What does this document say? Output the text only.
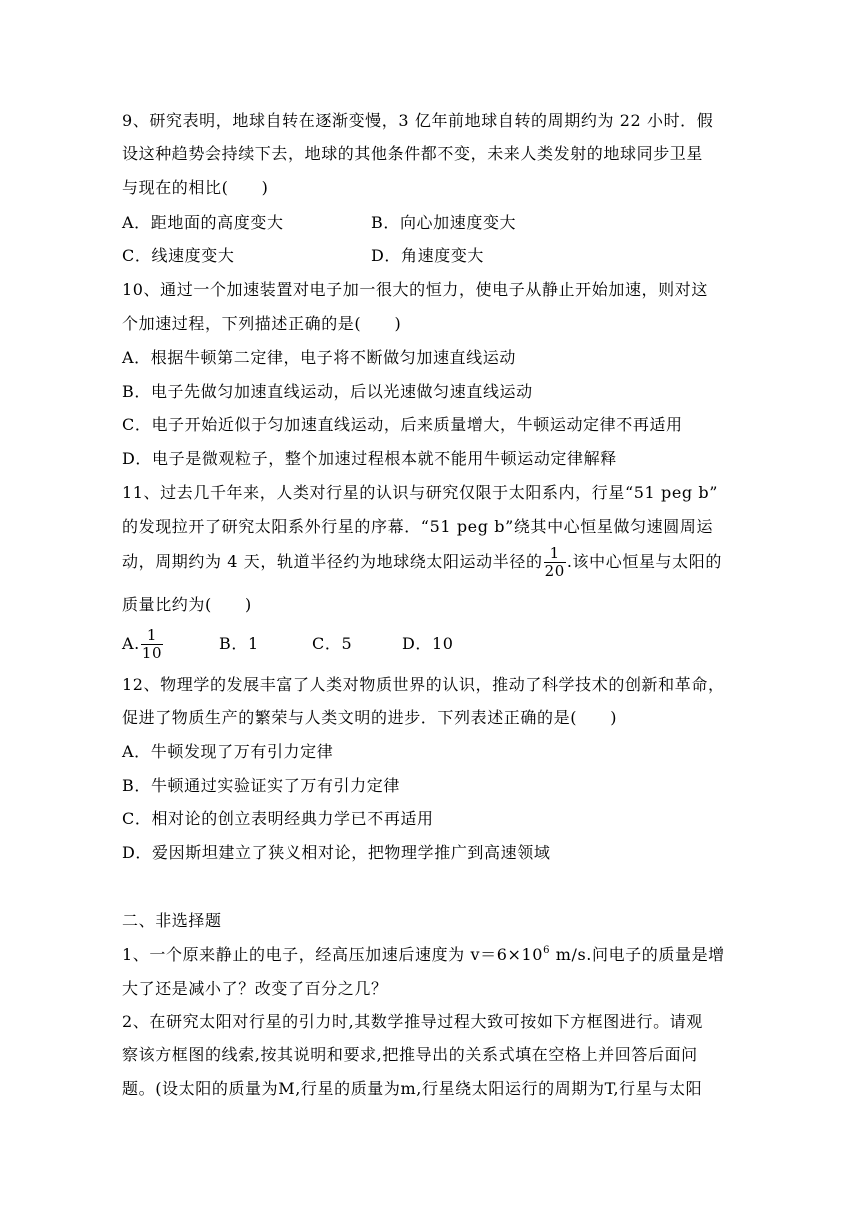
9、研究表明，地球自转在逐渐变慢，3 亿年前地球自转的周期约为 22 小时．假
设这种趋势会持续下去，地球的其他条件都不变，未来人类发射的地球同步卫星
与现在的相比(　　)
A．距地面的高度变大	B．向心加速度变大
C．线速度变大	D．角速度变大
10、通过一个加速装置对电子加一很大的恒力，使电子从静止开始加速，则对这
个加速过程，下列描述正确的是(　　)
A．根据牛顿第二定律，电子将不断做匀加速直线运动
B．电子先做匀加速直线运动，后以光速做匀速直线运动
C．电子开始近似于匀加速直线运动，后来质量增大，牛顿运动定律不再适用
D．电子是微观粒子，整个加速过程根本就不能用牛顿运动定律解释
11、过去几千年来，人类对行星的认识与研究仅限于太阳系内，行星“51 peg b”
的发现拉开了研究太阳系外行星的序幕．“51 peg b”绕其中心恒星做匀速圆周运
动，周期约为 4 天，轨道半径约为地球绕太阳运动半径的 $\frac{1}{20}$ .该中心恒星与太阳的
质量比约为(　　)
A. $\frac{1}{10}$	B．1	C．5	D．10
12、物理学的发展丰富了人类对物质世界的认识，推动了科学技术的创新和革命，
促进了物质生产的繁荣与人类文明的进步．下列表述正确的是(　　)
A．牛顿发现了万有引力定律
B．牛顿通过实验证实了万有引力定律
C．相对论的创立表明经典力学已不再适用
D．爱因斯坦建立了狭义相对论，把物理学推广到高速领域
二、非选择题
1、一个原来静止的电子，经高压加速后速度为 $v=6\times 10^6$ m/s.问电子的质量是增
大了还是减小了？改变了百分之几？
2、在研究太阳对行星的引力时,其数学推导过程大致可按如下方框图进行。请观
察该方框图的线索,按其说明和要求,把推导出的关系式填在空格上并回答后面问
题。(设太阳的质量为M,行星的质量为m,行星绕太阳运行的周期为T,行星与太阳
